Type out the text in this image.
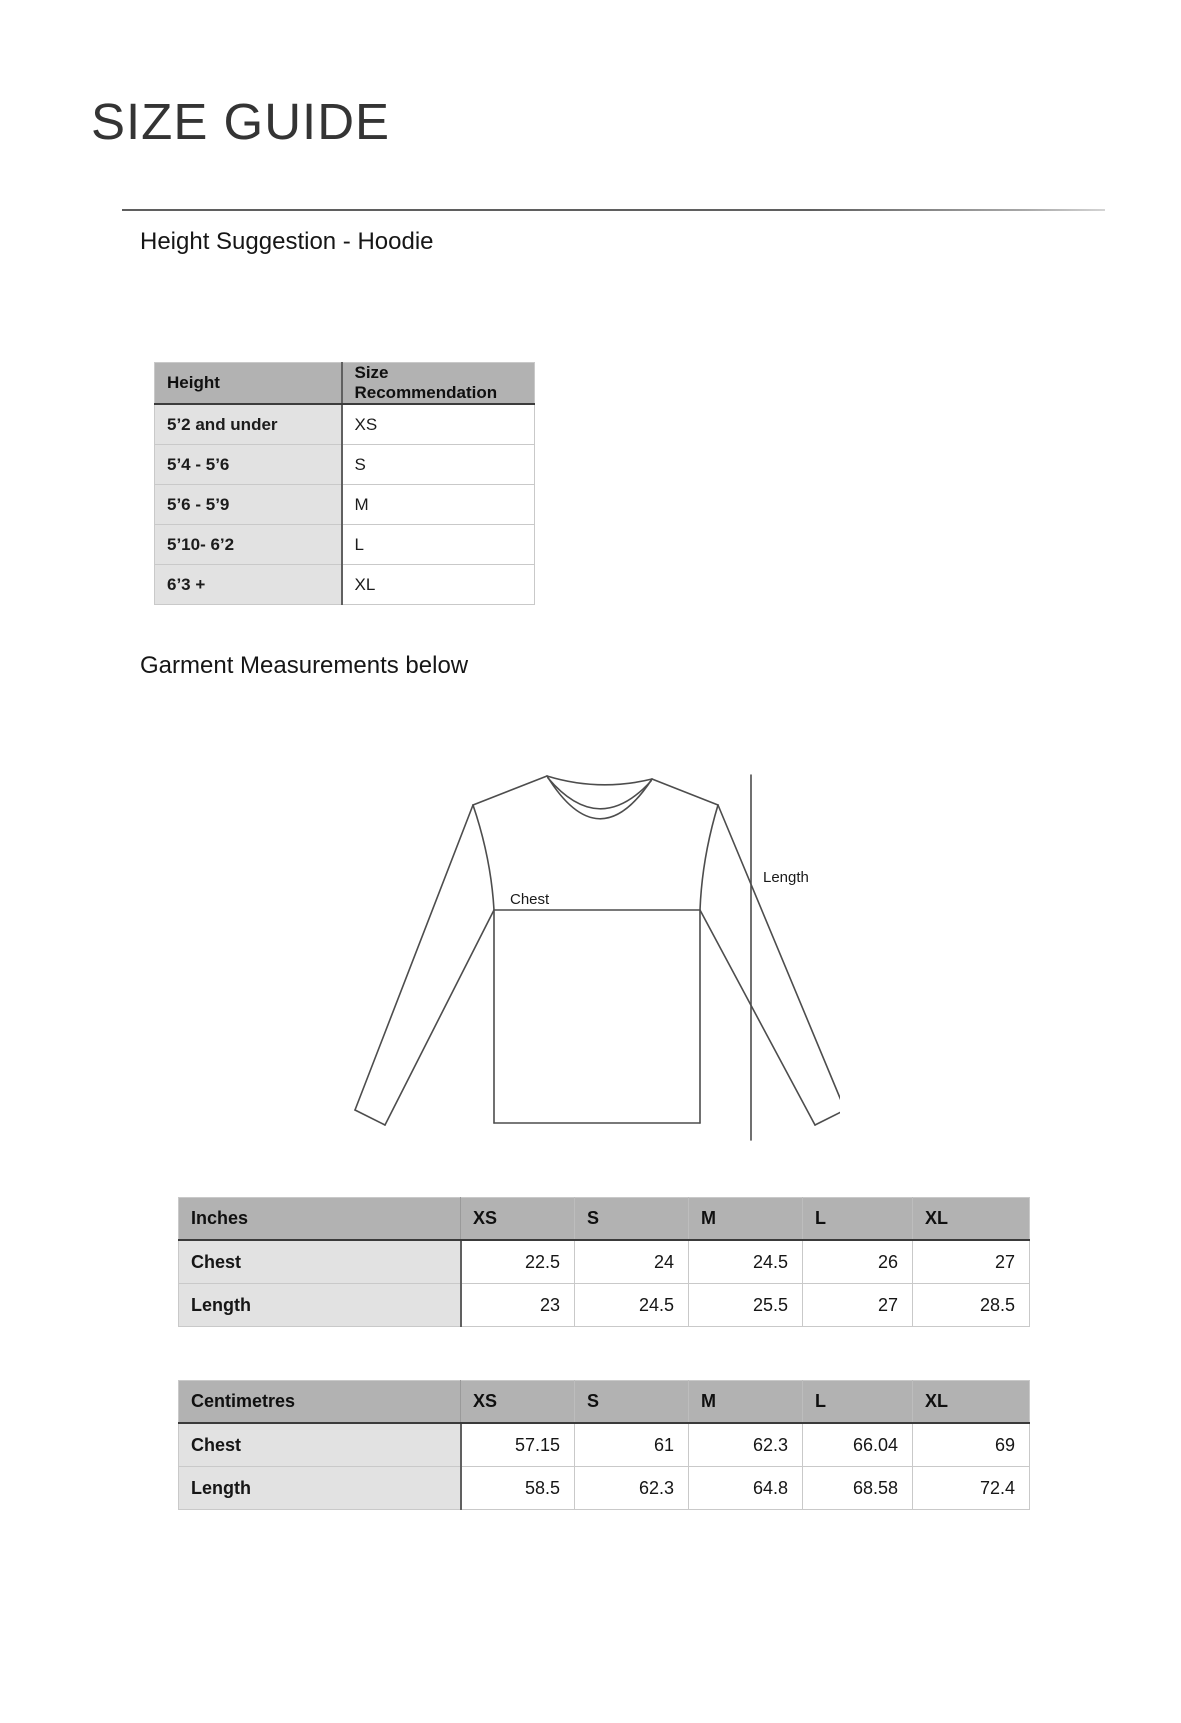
SIZE GUIDE
Height Suggestion - Hoodie
Height	Size Recommendation
5’2 and under	XS
5’4 - 5’6	S
5’6 - 5’9	M
5’10- 6’2	L
6’3 +	XL
Garment Measurements below
Chest
Length
Inches	XS	S	M	L	XL
Chest	22.5	24	24.5	26	27
Length	23	24.5	25.5	27	28.5
Centimetres	XS	S	M	L	XL
Chest	57.15	61	62.3	66.04	69
Length	58.5	62.3	64.8	68.58	72.4
